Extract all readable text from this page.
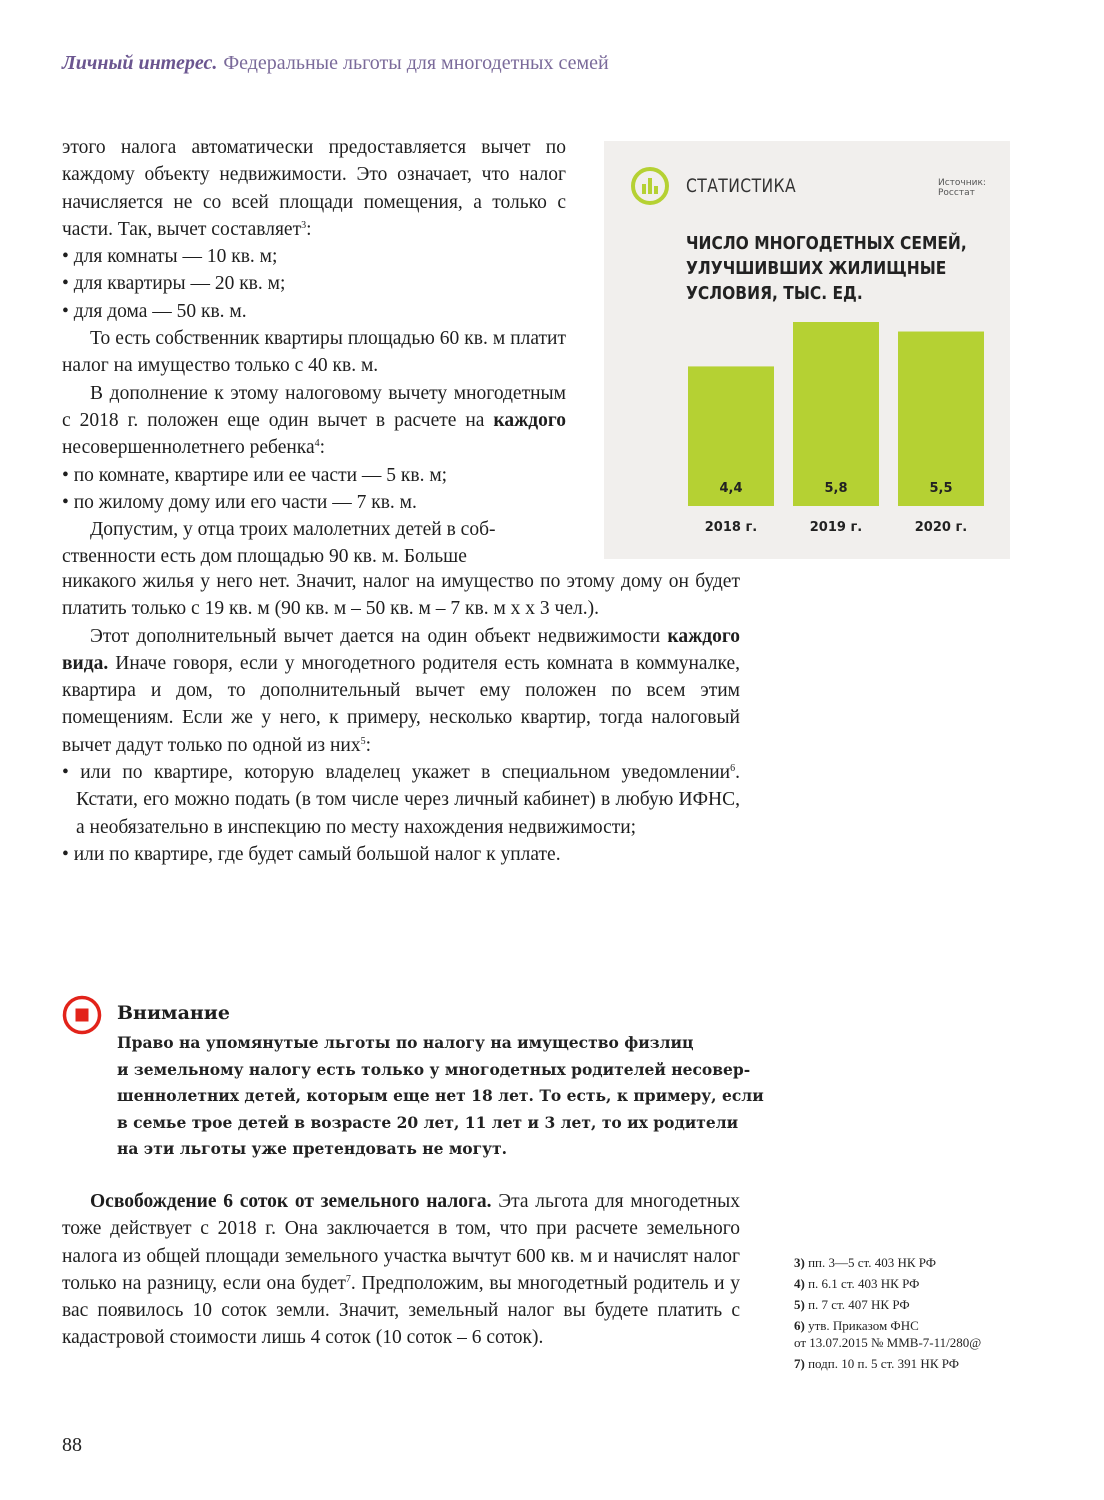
Личный интерес. Федеральные льготы для многодетных семей

этого налога автоматически предоставляется вычет по каждому объекту недвижимости. Это означает, что налог начисляется не со всей площади помещения, а только с части. Так, вычет составляет$^3$:

• для комнаты — 10 кв. м;

• для квартиры — 20 кв. м;

• для дома — 50 кв. м.

То есть собственник квартиры площадью 60 кв. м платит налог на имущество только с 40 кв. м.

В дополнение к этому налоговому вычету многодетным с 2018 г. положен еще один вычет в расчете на каждого несовершеннолетнего ребенка$^4$:

• по комнате, квартире или ее части — 5 кв. м;

• по жилому дому или его части — 7 кв. м.

Допустим, у отца троих малолетних детей в соб-

ственности есть дом площадью 90 кв. м. Больше

никакого жилья у него нет. Значит, налог на имущество по этому дому он будет платить только с 19 кв. м (90 кв. м – 50 кв. м – 7 кв. м х х 3 чел.).

Этот дополнительный вычет дается на один объект недвижимости каждого вида. Иначе говоря, если у многодетного родителя есть комната в коммуналке, квартира и дом, то дополнительный вычет ему положен по всем этим помещениям. Если же у него, к примеру, несколько квартир, тогда налоговый вычет дадут только по одной из них$^5$:

• или по квартире, которую владелец укажет в специальном уведомлении$^6$. Кстати, его можно подать (в том числе через личный кабинет) в любую ИФНС, а необязательно в инспекцию по месту нахождения недвижимости;

• или по квартире, где будет самый большой налог к уплате.

СТАТИСТИКА	Источник: Росстат
ЧИСЛО МНОГОДЕТНЫХ СЕМЕЙ, УЛУЧШИВШИХ ЖИЛИЩНЫЕ УСЛОВИЯ, ТЫС. ЕД.
4,4
2018 г.
5,8
2019 г.
5,5
2020 г.
Внимание

Право на упомянутые льготы по налогу на имущество физлиц

и земельному налогу есть только у многодетных родителей несовер-

шеннолетних детей, которым еще нет 18 лет. То есть, к примеру, если

в семье трое детей в возрасте 20 лет, 11 лет и 3 лет, то их родители

на эти льготы уже претендовать не могут.

Освобождение 6 соток от земельного налога. Эта льгота для многодетных тоже действует с 2018 г. Она заключается в том, что при расчете земельного налога из общей площади земельного участка вычтут 600 кв. м и начислят налог только на разницу, если она будет$^7$. Предположим, вы многодетный родитель и у вас появилось 10 соток земли. Значит, земельный налог вы будете платить с кадастровой стоимости лишь 4 соток (10 соток – 6 соток).

3) пп. 3—5 ст. 403 НК РФ
4) п. 6.1 ст. 403 НК РФ
5) п. 7 ст. 407 НК РФ
6) утв. Приказом ФНС
от 13.07.2015 № ММВ-7-11/280@
7) подп. 10 п. 5 ст. 391 НК РФ
88
